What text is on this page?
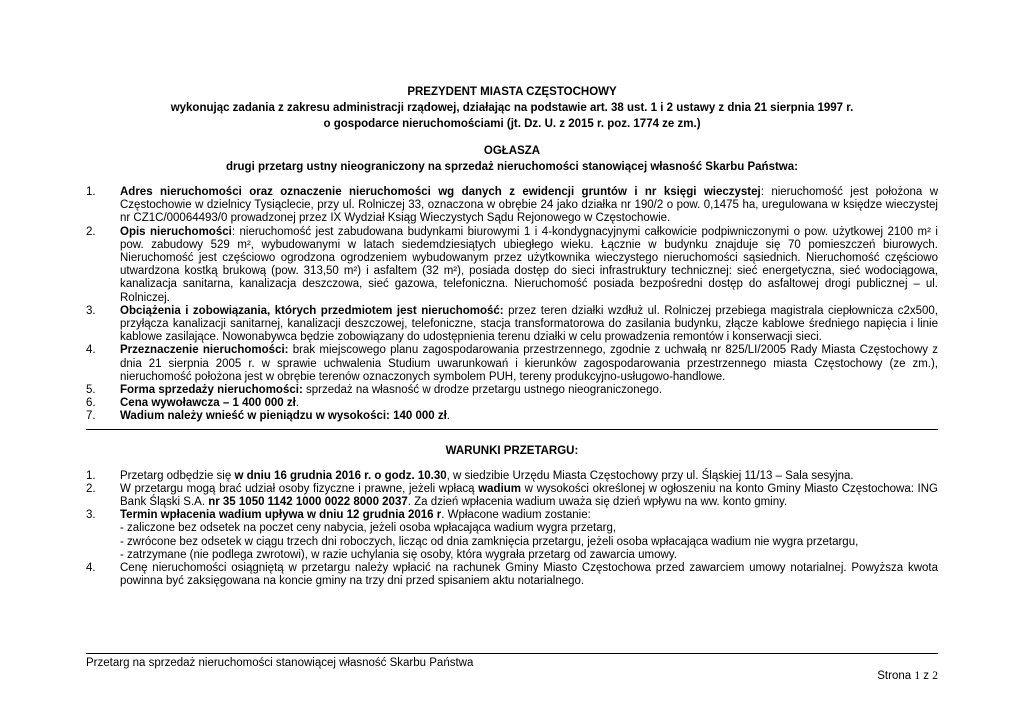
PREZYDENT MIASTA CZĘSTOCHOWY
wykonując zadania z zakresu administracji rządowej, działając na podstawie art. 38 ust. 1 i 2 ustawy z dnia 21 sierpnia 1997 r.
o gospodarce nieruchomościami (jt. Dz. U. z 2015 r. poz. 1774 ze zm.)
OGŁASZA
drugi przetarg ustny nieograniczony na sprzedaż nieruchomości stanowiącej własność Skarbu Państwa:
1. Adres nieruchomości oraz oznaczenie nieruchomości wg danych z ewidencji gruntów i nr księgi wieczystej: nieruchomość jest położona w Częstochowie w dzielnicy Tysiąclecie, przy ul. Rolniczej 33, oznaczona w obrębie 24 jako działka nr 190/2 o pow. 0,1475 ha, uregulowana w księdze wieczystej nr CZ1C/00064493/0 prowadzonej przez IX Wydział Ksiąg Wieczystych Sądu Rejonowego w Częstochowie.
2. Opis nieruchomości: nieruchomość jest zabudowana budynkami biurowymi 1 i 4-kondygnacyjnymi całkowicie podpiwniczonymi o pow. użytkowej 2100 m² i pow. zabudowy 529 m², wybudowanymi w latach siedemdziesiątych ubiegłego wieku. Łącznie w budynku znajduje się 70 pomieszczeń biurowych. Nieruchomość jest częściowo ogrodzona ogrodzeniem wybudowanym przez użytkownika wieczystego nieruchomości sąsiednich. Nieruchomość częściowo utwardzona kostką brukową (pow. 313,50 m²) i asfaltem (32 m²), posiada dostęp do sieci infrastruktury technicznej: sieć energetyczna, sieć wodociągowa, kanalizacja sanitarna, kanalizacja deszczowa, sieć gazowa, telefoniczna. Nieruchomość posiada bezpośredni dostęp do asfaltowej drogi publicznej – ul. Rolniczej.
3. Obciążenia i zobowiązania, których przedmiotem jest nieruchomość: przez teren działki wzdłuż ul. Rolniczej przebiega magistrala ciepłownicza c2x500, przyłącza kanalizacji sanitarnej, kanalizacji deszczowej, telefoniczne, stacja transformatorowa do zasilania budynku, złącze kablowe średniego napięcia i linie kablowe zasilające. Nowonabywca będzie zobowiązany do udostępnienia terenu działki w celu prowadzenia remontów i konserwacji sieci.
4. Przeznaczenie nieruchomości: brak miejscowego planu zagospodarowania przestrzennego, zgodnie z uchwałą nr 825/LI/2005 Rady Miasta Częstochowy z dnia 21 sierpnia 2005 r. w sprawie uchwalenia Studium uwarunkowań i kierunków zagospodarowania przestrzennego miasta Częstochowy (ze zm.), nieruchomość położona jest w obrębie terenów oznaczonych symbolem PUH, tereny produkcyjno-usługowo-handlowe.
5. Forma sprzedaży nieruchomości: sprzedaż na własność w drodze przetargu ustnego nieograniczonego.
6. Cena wywoławcza – 1 400 000 zł.
7. Wadium należy wnieść w pieniądzu w wysokości: 140 000 zł.
WARUNKI PRZETARGU:
1. Przetarg odbędzie się w dniu 16 grudnia 2016 r. o godz. 10.30, w siedzibie Urzędu Miasta Częstochowy przy ul. Śląskiej 11/13 – Sala sesyjna.
2. W przetargu mogą brać udział osoby fizyczne i prawne, jeżeli wpłacą wadium w wysokości określonej w ogłoszeniu na konto Gminy Miasto Częstochowa: ING Bank Śląski S.A. nr 35 1050 1142 1000 0022 8000 2037. Za dzień wpłacenia wadium uważa się dzień wpływu na ww. konto gminy.
3. Termin wpłacenia wadium upływa w dniu 12 grudnia 2016 r. Wpłacone wadium zostanie:
- zaliczone bez odsetek na poczet ceny nabycia, jeżeli osoba wpłacająca wadium wygra przetarg,
- zwrócone bez odsetek w ciągu trzech dni roboczych, licząc od dnia zamknięcia przetargu, jeżeli osoba wpłacająca wadium nie wygra przetargu,
- zatrzymane (nie podlega zwrotowi), w razie uchylania się osoby, która wygrała przetarg od zawarcia umowy.
4. Cenę nieruchomości osiągniętą w przetargu należy wpłacić na rachunek Gminy Miasto Częstochowa przed zawarciem umowy notarialnej. Powyższa kwota powinna być zaksięgowana na koncie gminy na trzy dni przed spisaniem aktu notarialnego.
Przetarg na sprzedaż nieruchomości stanowiącej własność Skarbu Państwa
Strona 1 z 2
